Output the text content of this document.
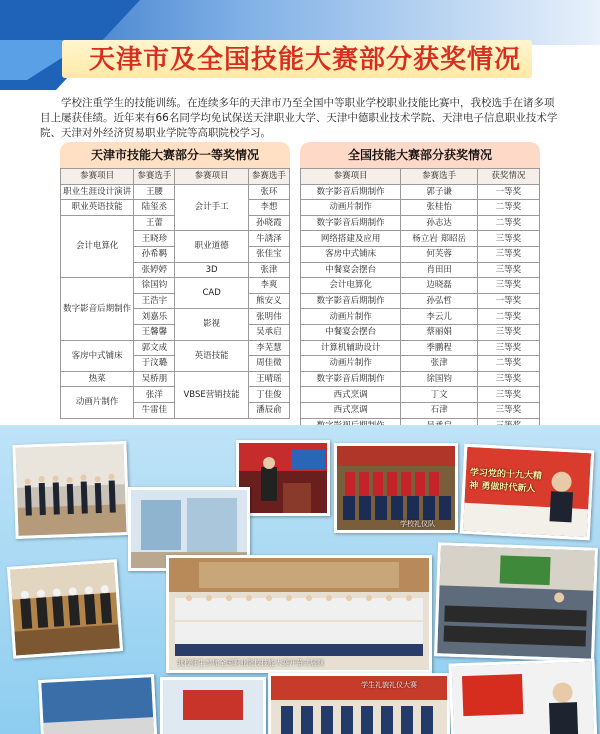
天津市及全国技能大赛部分获奖情况
学校注重学生的技能训练。在连续多年的天津市乃至全国中等职业学校职业技能比赛中，我校选手在诸多项目上屡获佳绩。近年来有66名同学均免试保送天津职业大学、天津中德职业技术学院、天津电子信息职业技术学院、天津对外经济贸易职业学院等高职院校学习。
天津市技能大赛部分一等奖情况
参赛项目	参赛选手	参赛项目	参赛选手
职业生涯设计演讲	王腰	会计手工	张环
职业英语技能	陆玺丞		李想
会计电算化	王蕾		孙晓霞
	王晓珍	职业道德	牛誘泽
	孙希羁		张佳宝
	张婷婷	3D	张津
数字影音后期制作	徐国钧	CAD	李爽
	王浩宇		熊安义
	刘嘉乐	影视	张明伟
	王馨馨		吴承启
客房中式铺床	郭文成	英语技能	李芜慧
	于汶璐		周佳微
热菜	吴桥朋	VBSE营销技能	王晴瑶
动画片制作	张洋		丁佳俊
	牛雷佳		潘辰俞
全国技能大赛部分获奖情况
参赛项目	参赛选手	获奖情况
数字影音后期制作	郭子谦	一等奖
动画片制作	张桂怡	二等奖
数字影音后期制作	孙志达	二等奖
网络搭建及应用	杨立岩 郑昭岳	三等奖
客房中式铺床	何芙蓉	三等奖
中餐宴会摆台	肖田田	三等奖
会计电算化	边晓磊	三等奖
数字影音后期制作	孙弘哲	一等奖
动画片制作	李云儿	二等奖
中餐宴会摆台	蔡丽娟	三等奖
计算机辅助设计	季鹏程	三等奖
动画片制作	张津	二等奖
数字影音后期制作	徐国钧	三等奖
西式烹调	丁文	三等奖
西式烹调	石津	三等奖

学校礼仪队
学习党的十九大精神 勇做时代新人
我校师生参加全国职业院校技能大赛开幕式展演
学生礼貌礼仪大赛
